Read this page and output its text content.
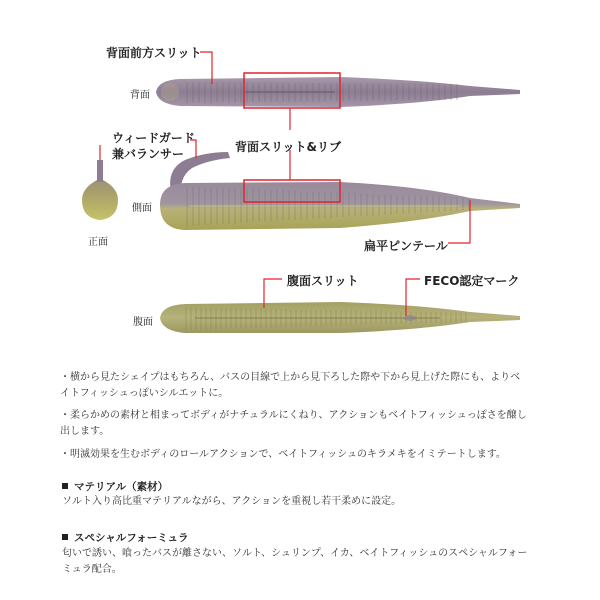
背面前方スリット
ウィードガード
兼バランサー	背面スリット&リブ
扁平ピンテール
腹面スリット	FECO認定マーク
背面
側面
正面
腹面
・横から見たシェイプはもちろん、バスの目線で上から見下ろした際や下から見上げた際にも、よりベイトフィッシュっぽいシルエットに。
・柔らかめの素材と相まってボディがナチュラルにくねり、アクションもベイトフィッシュっぽさを醸し出します。
・明滅効果を生むボディのロールアクションで、ベイトフィッシュのキラメキをイミテートします。
マテリアル（素材）
ソルト入り高比重マテリアルながら、アクションを重視し若干柔めに設定。
スペシャルフォーミュラ
匂いで誘い、喰ったバスが離さない、ソルト、シュリンプ、イカ、ベイトフィッシュのスペシャルフォーミュラ配合。
